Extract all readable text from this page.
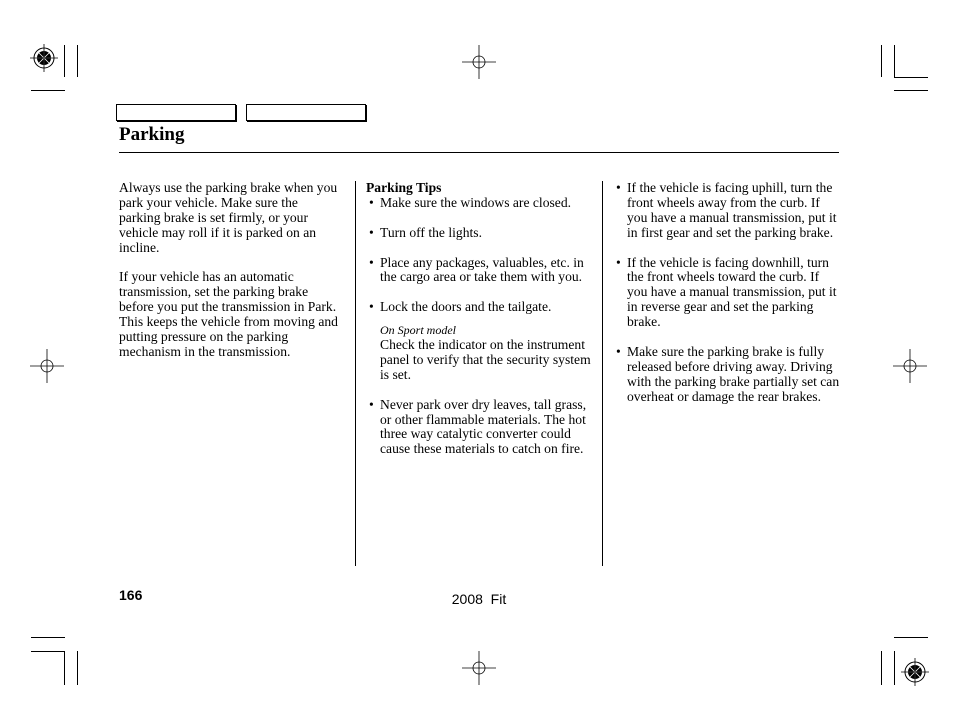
Parking

Always use the parking brake when you park your vehicle. Make sure the parking brake is set firmly, or your vehicle may roll if it is parked on an incline.

If your vehicle has an automatic transmission, set the parking brake before you put the transmission in Park. This keeps the vehicle from moving and putting pressure on the parking mechanism in the transmission.

Parking Tips
• Make sure the windows are closed.
• Turn off the lights.
• Place any packages, valuables, etc. in the cargo area or take them with you.
• Lock the doors and the tailgate.
On Sport model
Check the indicator on the instrument panel to verify that the security system is set.
• Never park over dry leaves, tall grass, or other flammable materials. The hot three way catalytic converter could cause these materials to catch on fire.
• If the vehicle is facing uphill, turn the front wheels away from the curb. If you have a manual transmission, put it in first gear and set the parking brake.
• If the vehicle is facing downhill, turn the front wheels toward the curb. If you have a manual transmission, put it in reverse gear and set the parking brake.
• Make sure the parking brake is fully released before driving away. Driving with the parking brake partially set can overheat or damage the rear brakes.
166	2008  Fit
